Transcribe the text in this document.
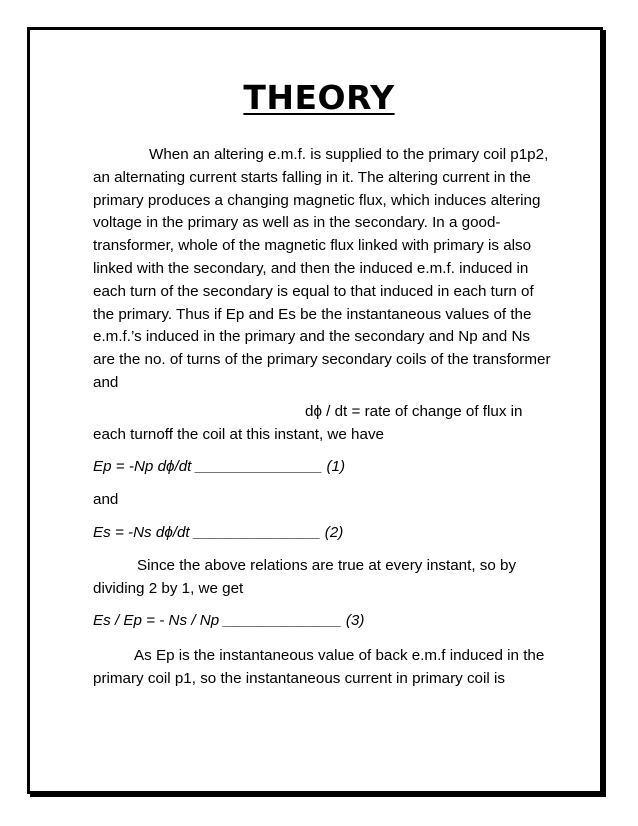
THEORY

When an altering e.m.f. is supplied to the primary coil p1p2, an alternating current starts falling in it. The altering current in the primary produces a changing magnetic flux, which induces altering voltage in the primary as well as in the secondary. In a good-transformer, whole of the magnetic flux linked with primary is also linked with the secondary, and then the induced e.m.f. induced in each turn of the secondary is equal to that induced in each turn of the primary. Thus if Ep and Es be the instantaneous values of the e.m.f.’s induced in the primary and the secondary and Np and Ns are the no. of turns of the primary secondary coils of the transformer and

dϕ / dt = rate of change of flux in
each turnoff the coil at this instant, we have

Ep = -Np dϕ/dt _______________ (1)

and

Es = -Ns dϕ/dt _______________ (2)

Since the above relations are true at every instant, so by dividing 2 by 1, we get

Es / Ep = - Ns / Np ______________ (3)

As Ep is the instantaneous value of back e.m.f induced in the primary coil p1, so the instantaneous current in primary coil is
